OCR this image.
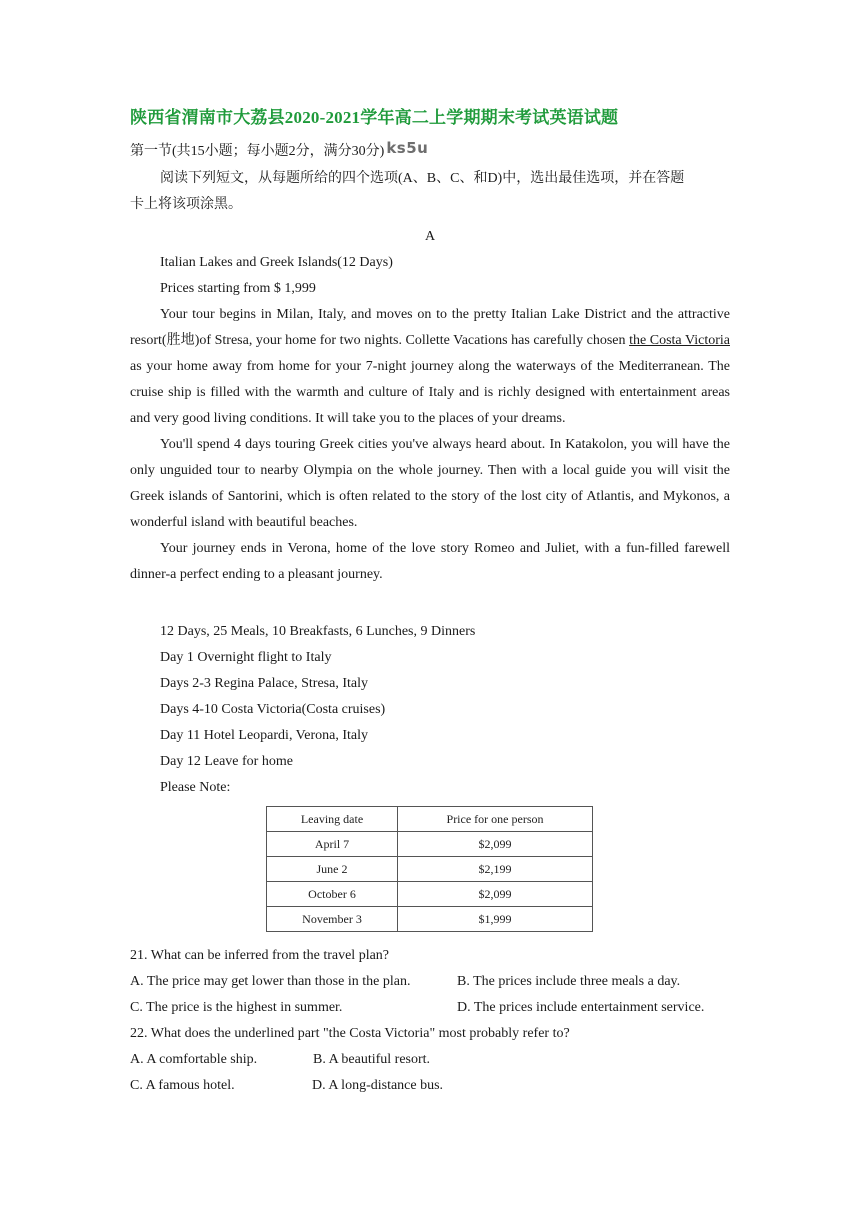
陕西省渭南市大荔县2020-2021学年高二上学期期末考试英语试题
第一节(共15小题；每小题2分，满分30分) ks5u

阅读下列短文，从每题所给的四个选项(A、B、C、和D)中，选出最佳选项，并在答题

卡上将该项涂黑。

A
Italian Lakes and Greek Islands(12 Days)
Prices starting from $ 1,999

Your tour begins in Milan, Italy, and moves on to the pretty Italian Lake District and the attractive resort(胜地)of Stresa, your home for two nights. Collette Vacations has carefully chosen the Costa Victoria as your home away from home for your 7-night journey along the waterways of the Mediterranean. The cruise ship is filled with the warmth and culture of Italy and is richly designed with entertainment areas and very good living conditions. It will take you to the places of your dreams.

You'll spend 4 days touring Greek cities you've always heard about. In Katakolon, you will have the only unguided tour to nearby Olympia on the whole journey. Then with a local guide you will visit the Greek islands of Santorini, which is often related to the story of the lost city of Atlantis, and Mykonos, a wonderful island with beautiful beaches.

Your journey ends in Verona, home of the love story Romeo and Juliet, with a fun-filled farewell dinner-a perfect ending to a pleasant journey.

12 Days, 25 Meals, 10 Breakfasts, 6 Lunches, 9 Dinners
Day 1 Overnight flight to Italy
Days 2-3 Regina Palace, Stresa, Italy
Days 4-10 Costa Victoria(Costa cruises)
Day 11 Hotel Leopardi, Verona, Italy
Day 12 Leave for home
Please Note:
Leaving date	Price for one person
April 7	$2,099
June 2	$2,199
October 6	$2,099
November 3	$1,999
21. What can be inferred from the travel plan?
A. The price may get lower than those in the plan.	B. The prices include three meals a day.
C. The price is the highest in summer.	D. The prices include entertainment service.
22. What does the underlined part "the Costa Victoria" most probably refer to?
A. A comfortable ship.	B. A beautiful resort.
C. A famous hotel.	D. A long-distance bus.
